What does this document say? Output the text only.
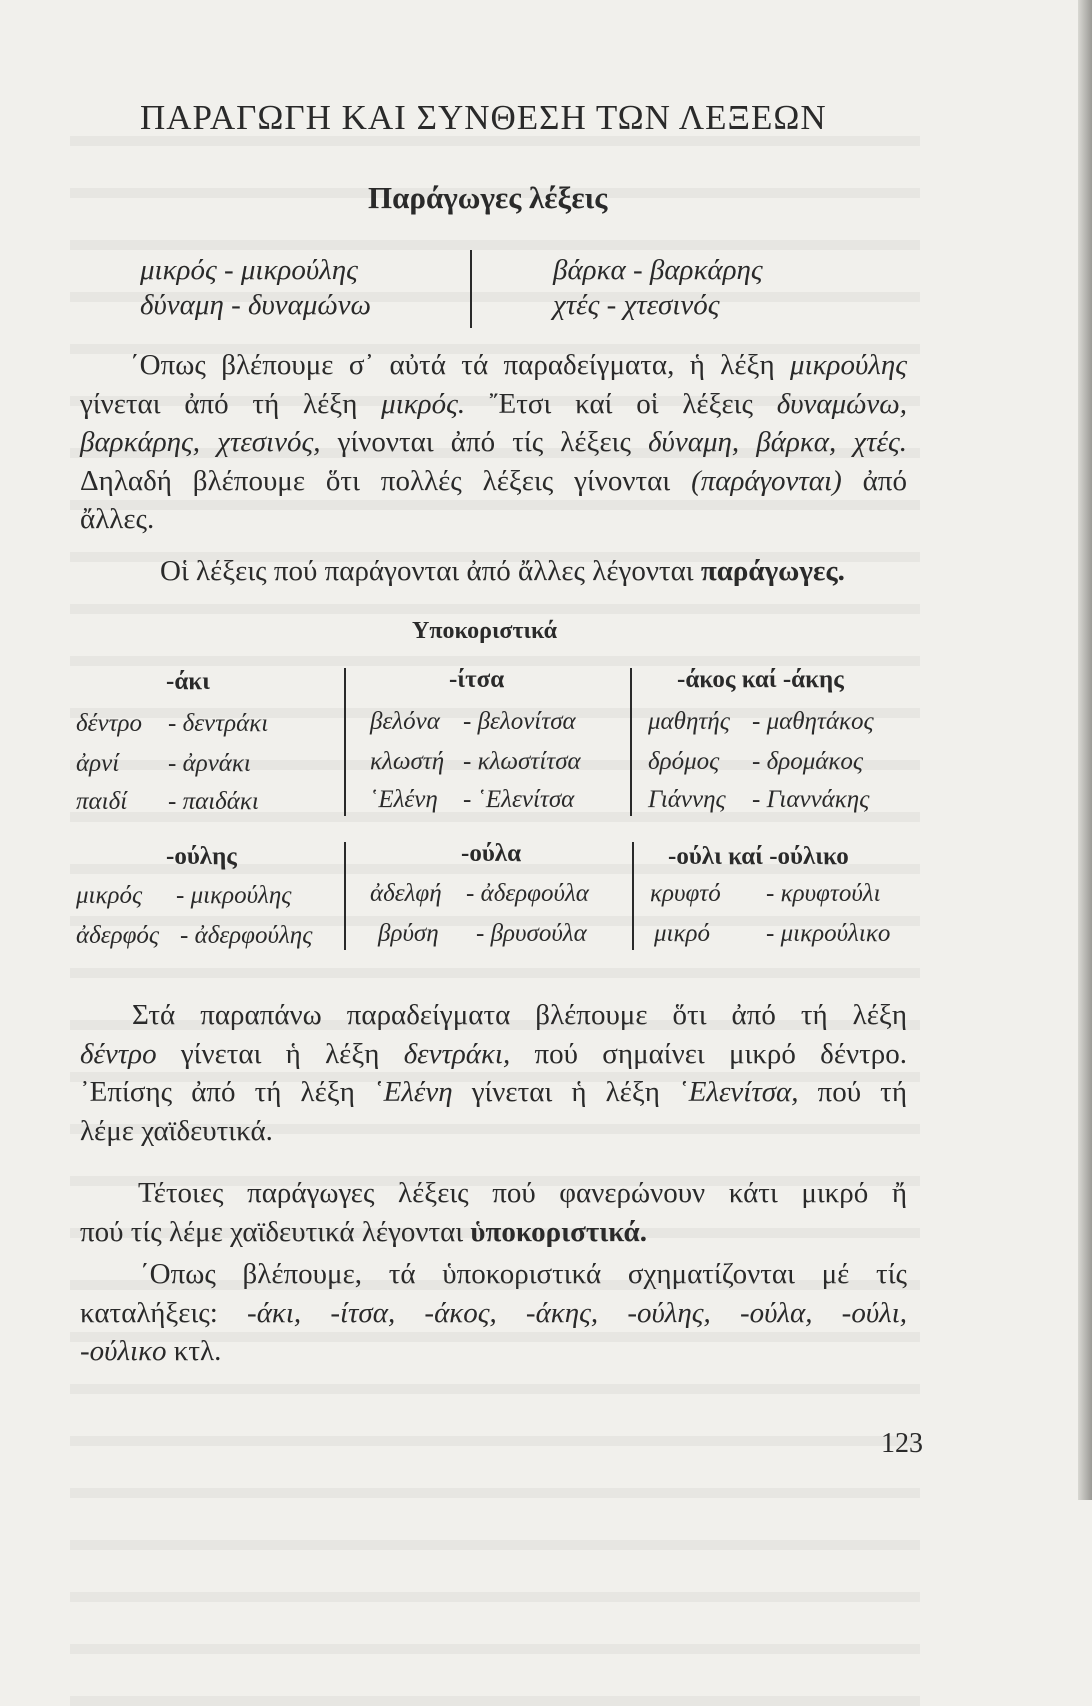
ΠΑΡΑΓΩΓΗ ΚΑΙ ΣΥΝΘΕΣΗ ΤΩΝ ΛΕΞΕΩΝ
Παράγωγες λέξεις
μικρός - μικρούλης
δύναμη - δυναμώνω
βάρκα - βαρκάρης
χτές - χτεσινός
΄Οπως βλέπουμε σ᾽ αὐτά τά παραδείγματα, ἡ λέξη μικρούλης
γίνεται ἀπό τή λέξη μικρός. ῎Ετσι καί οἱ λέξεις δυναμώνω,
βαρκάρης, χτεσινός, γίνονται ἀπό τίς λέξεις δύναμη, βάρκα, χτές.
Δηλαδή βλέπουμε ὅτι πολλές λέξεις γίνονται (παράγονται) ἀπό
ἄλλες.
Οἱ λέξεις πού παράγονται ἀπό ἄλλες λέγονται παράγωγες.
Υποκοριστικά
-άκι
δέντρο - δεντράκι
ἀρνί - ἀρνάκι
παιδί - παιδάκι
-ίτσα
βελόνα - βελονίτσα
κλωστή - κλωστίτσα
῾Ελένη - ῾Ελενίτσα
-άκος καί -άκης
μαθητής - μαθητάκος
δρόμος - δρομάκος
Γιάννης - Γιαννάκης
-ούλης
μικρός - μικρούλης
ἀδερφός - ἀδερφούλης
-ούλα
ἀδελφή - ἀδερφούλα
βρύση - βρυσούλα
-ούλι καί -ούλικο
κρυφτό - κρυφτούλι
μικρό - μικρούλικο
Στά παραπάνω παραδείγματα βλέπουμε ὅτι ἀπό τή λέξη
δέντρο γίνεται ἡ λέξη δεντράκι, πού σημαίνει μικρό δέντρο.
᾽Επίσης ἀπό τή λέξη ῾Ελένη γίνεται ἡ λέξη ῾Ελενίτσα, πού τή
λέμε χαϊδευτικά.
Τέτοιες παράγωγες λέξεις πού φανερώνουν κάτι μικρό ἤ
πού τίς λέμε χαϊδευτικά λέγονται ὑποκοριστικά.
΄Οπως βλέπουμε, τά ὑποκοριστικά σχηματίζονται μέ τίς
καταλήξεις: -άκι, -ίτσα, -άκος, -άκης, -ούλης, -ούλα, -ούλι,
-ούλικο κτλ.
123
